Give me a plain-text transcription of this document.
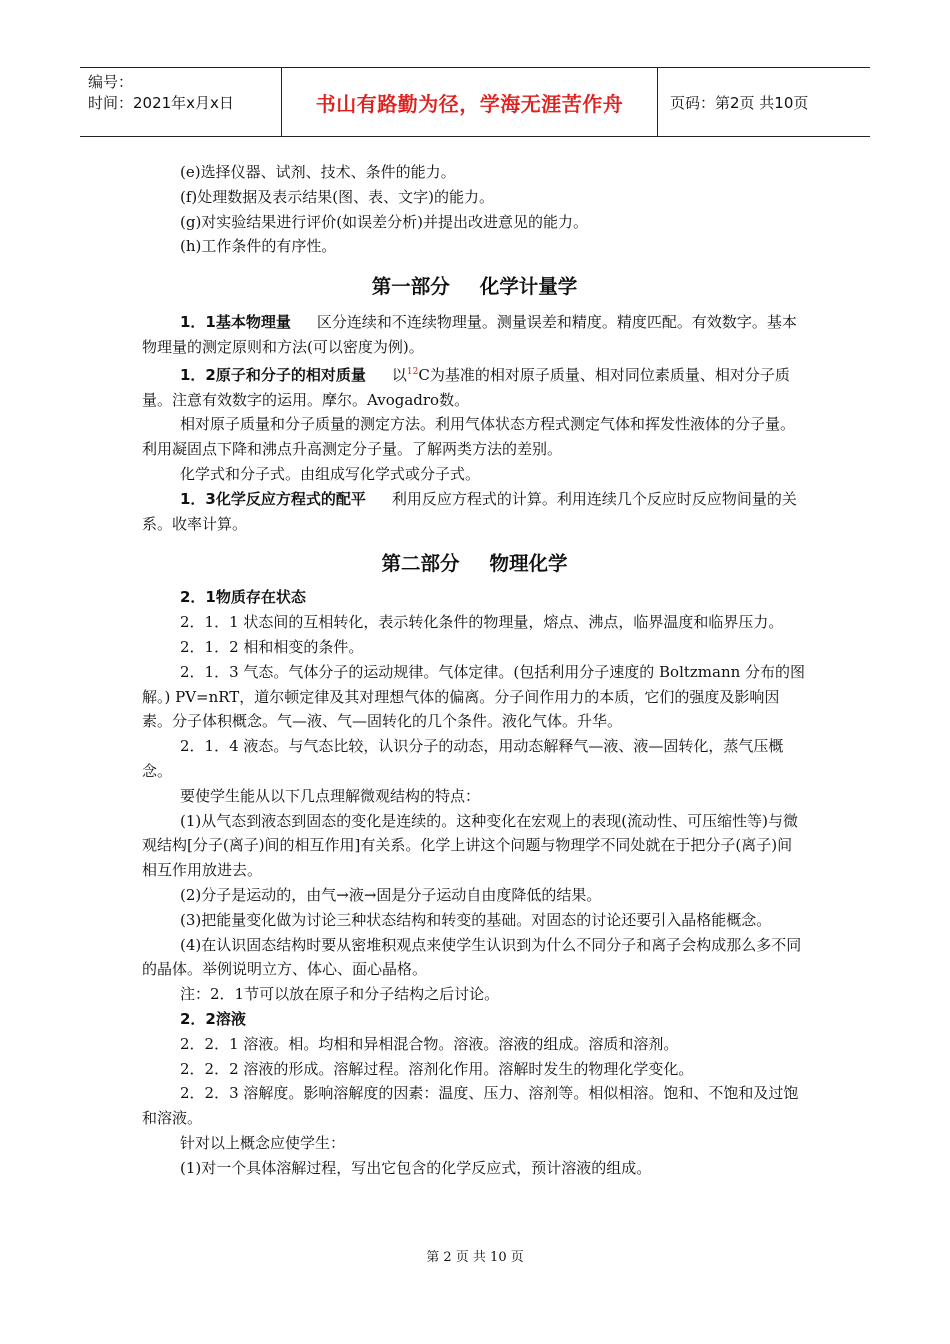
编号：
时间：2021年x月x日	书山有路勤为径，学海无涯苦作舟	页码：第2页 共10页

(e)选择仪器、试剂、技术、条件的能力。

(f)处理数据及表示结果(图、表、文字)的能力。

(g)对实验结果进行评价(如误差分析)并提出改进意见的能力。

(h)工作条件的有序性。

第一部分 化学计量学

1．1基本物理量 区分连续和不连续物理量。测量误差和精度。精度匹配。有效数字。基本物理量的测定原则和方法(可以密度为例)。

1．2原子和分子的相对质量 以$^{12}$C为基准的相对原子质量、相对同位素质量、相对分子质量。注意有效数字的运用。摩尔。Avogadro数。

相对原子质量和分子质量的测定方法。利用气体状态方程式测定气体和挥发性液体的分子量。利用凝固点下降和沸点升高测定分子量。了解两类方法的差别。

化学式和分子式。由组成写化学式或分子式。

1．3化学反应方程式的配平 利用反应方程式的计算。利用连续几个反应时反应物间量的关系。收率计算。

第二部分 物理化学

2．1物质存在状态

2．1．1 状态间的互相转化，表示转化条件的物理量，熔点、沸点，临界温度和临界压力。

2．1．2 相和相变的条件。

2．1．3 气态。气体分子的运动规律。气体定律。(包括利用分子速度的 Boltzmann 分布的图解。) PV=nRT，道尔顿定律及其对理想气体的偏离。分子间作用力的本质，它们的强度及影响因素。分子体积概念。气—液、气—固转化的几个条件。液化气体。升华。

2．1．4 液态。与气态比较，认识分子的动态，用动态解释气—液、液—固转化，蒸气压概念。

要使学生能从以下几点理解微观结构的特点：

(1)从气态到液态到固态的变化是连续的。这种变化在宏观上的表现(流动性、可压缩性等)与微观结构[分子(离子)间的相互作用]有关系。化学上讲这个问题与物理学不同处就在于把分子(离子)间相互作用放进去。

(2)分子是运动的，由气→液→固是分子运动自由度降低的结果。

(3)把能量变化做为讨论三种状态结构和转变的基础。对固态的讨论还要引入晶格能概念。

(4)在认识固态结构时要从密堆积观点来使学生认识到为什么不同分子和离子会构成那么多不同的晶体。举例说明立方、体心、面心晶格。

注：2．1节可以放在原子和分子结构之后讨论。

2．2溶液

2．2．1 溶液。相。均相和异相混合物。溶液。溶液的组成。溶质和溶剂。

2．2．2 溶液的形成。溶解过程。溶剂化作用。溶解时发生的物理化学变化。

2．2．3 溶解度。影响溶解度的因素：温度、压力、溶剂等。相似相溶。饱和、不饱和及过饱和溶液。

针对以上概念应使学生：

(1)对一个具体溶解过程，写出它包含的化学反应式，预计溶液的组成。

第 2 页 共 10 页
